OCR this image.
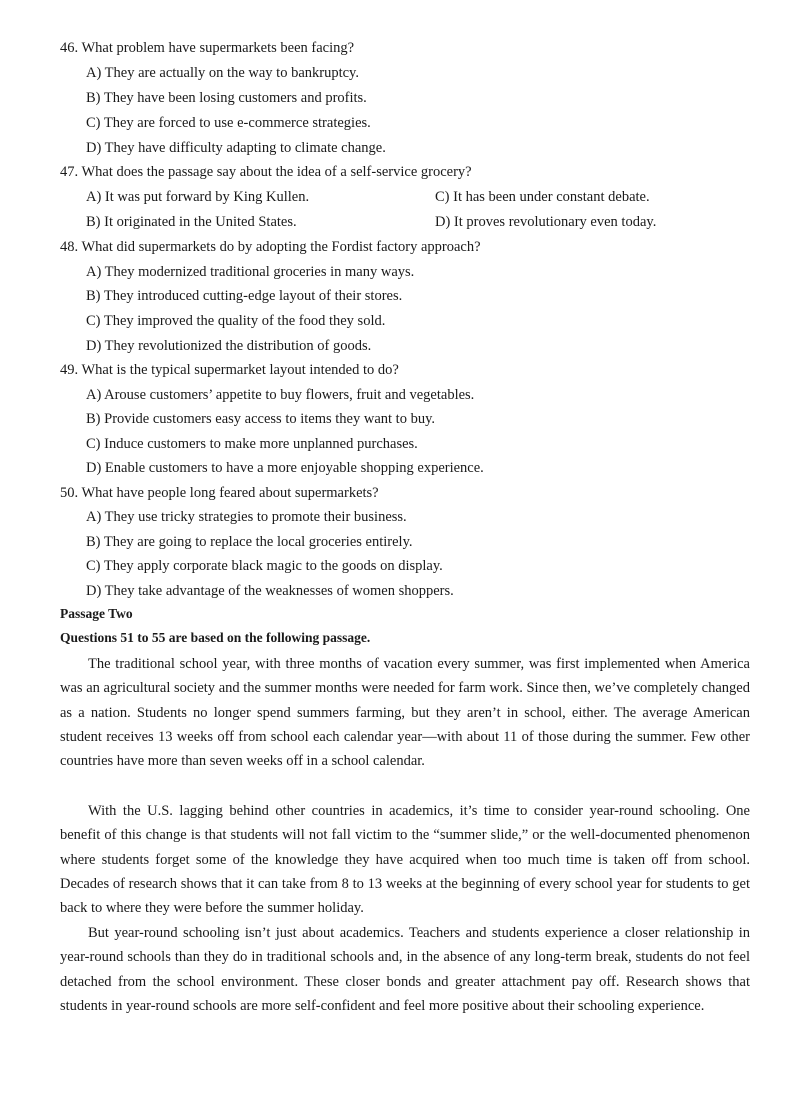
46. What problem have supermarkets been facing?
A) They are actually on the way to bankruptcy.
B) They have been losing customers and profits.
C) They are forced to use e-commerce strategies.
D) They have difficulty adapting to climate change.
47. What does the passage say about the idea of a self-service grocery?
A) It was put forward by King Kullen.	C) It has been under constant debate.
B) It originated in the United States.	D) It proves revolutionary even today.
48. What did supermarkets do by adopting the Fordist factory approach?
A) They modernized traditional groceries in many ways.
B) They introduced cutting-edge layout of their stores.
C) They improved the quality of the food they sold.
D) They revolutionized the distribution of goods.
49. What is the typical supermarket layout intended to do?
A) Arouse customers’ appetite to buy flowers, fruit and vegetables.
B) Provide customers easy access to items they want to buy.
C) Induce customers to make more unplanned purchases.
D) Enable customers to have a more enjoyable shopping experience.
50. What have people long feared about supermarkets?
A) They use tricky strategies to promote their business.
B) They are going to replace the local groceries entirely.
C) They apply corporate black magic to the goods on display.
D) They take advantage of the weaknesses of women shoppers.
Passage Two
Questions 51 to 55 are based on the following passage.
The traditional school year, with three months of vacation every summer, was first implemented when America was an agricultural society and the summer months were needed for farm work. Since then, we’ve completely changed as a nation. Students no longer spend summers farming, but they aren’t in school, either. The average American student receives 13 weeks off from school each calendar year—with about 11 of those during the summer. Few other countries have more than seven weeks off in a school calendar.
With the U.S. lagging behind other countries in academics, it’s time to consider year-round schooling. One benefit of this change is that students will not fall victim to the “summer slide,” or the well-documented phenomenon where students forget some of the knowledge they have acquired when too much time is taken off from school. Decades of research shows that it can take from 8 to 13 weeks at the beginning of every school year for students to get back to where they were before the summer holiday.
But year-round schooling isn’t just about academics. Teachers and students experience a closer relationship in year-round schools than they do in traditional schools and, in the absence of any long-term break, students do not feel detached from the school environment. These closer bonds and greater attachment pay off. Research shows that students in year-round schools are more self-confident and feel more positive about their schooling experience.
